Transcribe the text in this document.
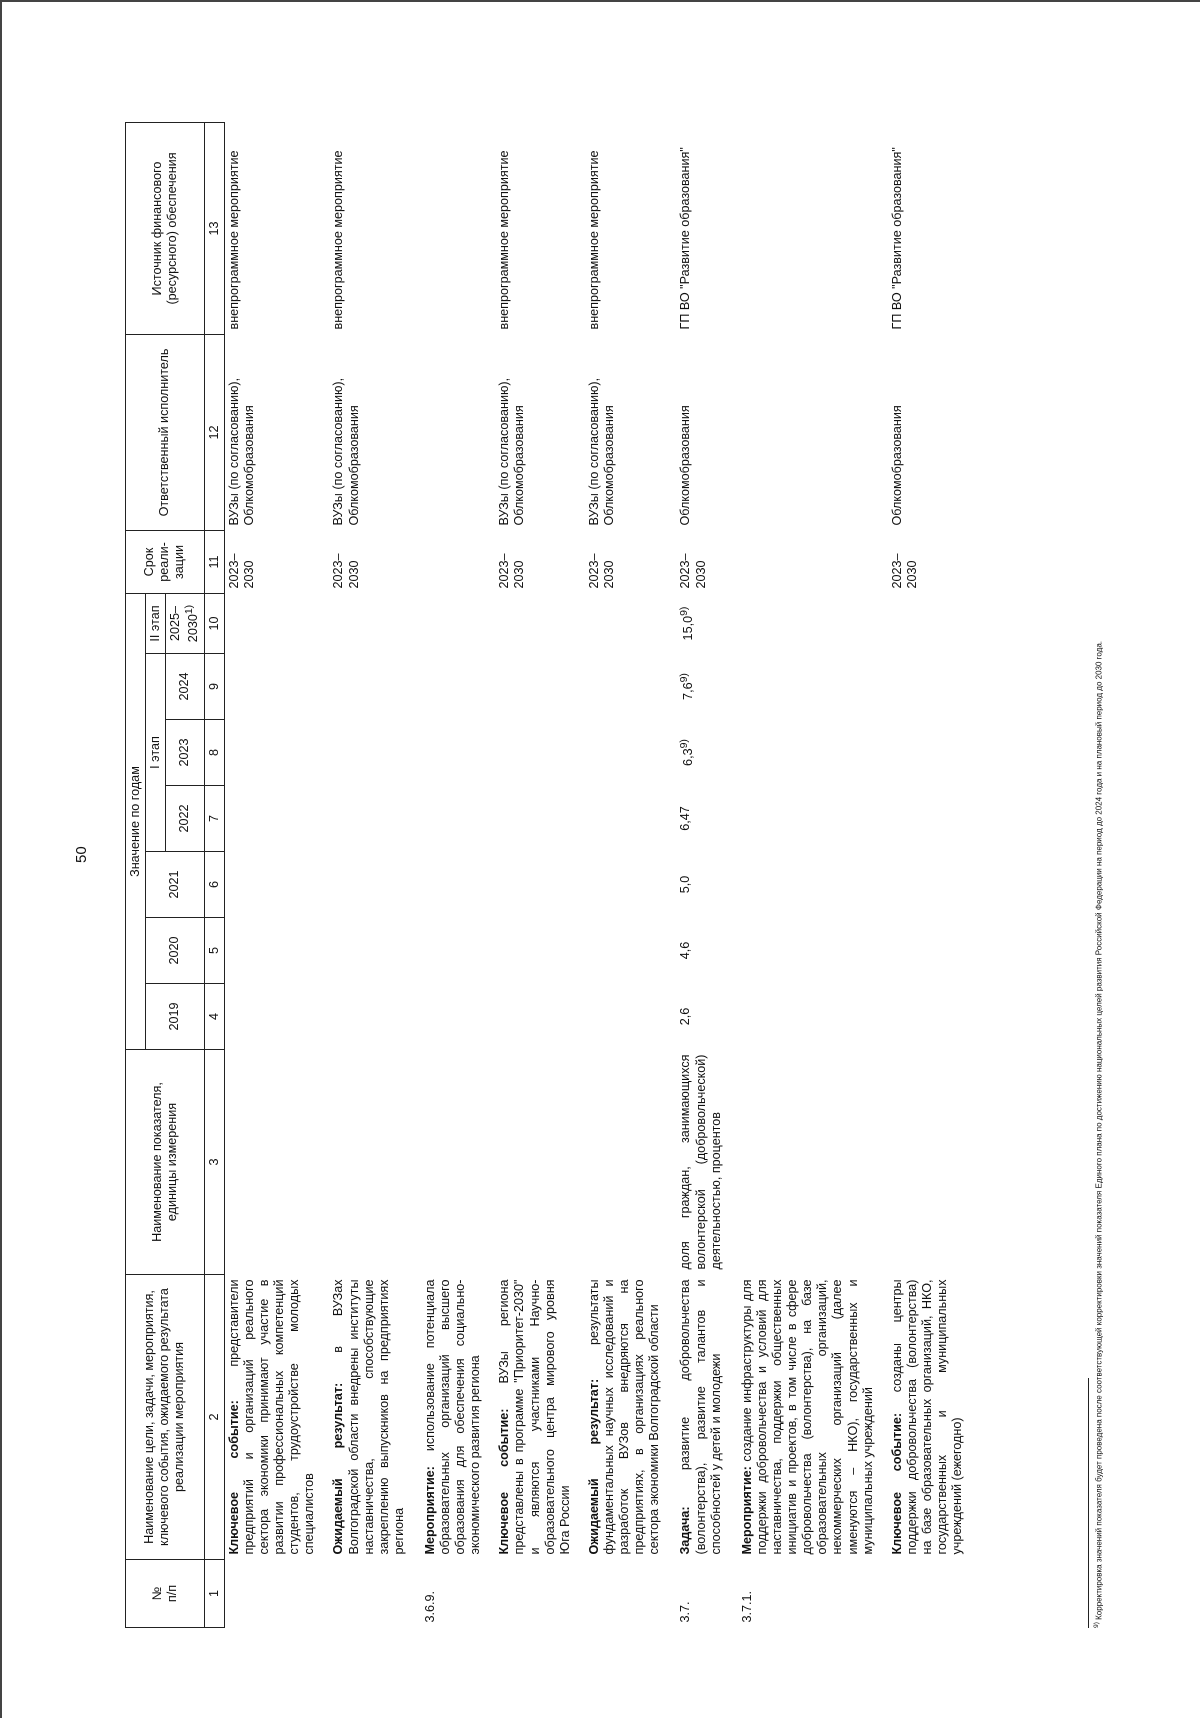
50
№
п/п	Наименование цели, задачи, мероприятия, ключевого события, ожидаемого результата реализации мероприятия	Наименование показателя, единицы измерения	Значение по годам							Срок реали-зации	Ответственный исполнитель	Источник финансового (ресурсного) обеспечения
			2019	2020	2021	I этап			II этап			
						2022	2023	2024	2025–2030$^{1)}$
1	2	3	4	5	6	7	8	9	10	11	12	13
	Ключевое событие: представители предприятий и организаций реального сектора экономики принимают участие в развитии профессиональных компетенций студентов, трудоустройстве молодых специалистов									2023–2030	ВУЗы (по согласованию), Облкомобразования	внепрограммное мероприятие
	Ожидаемый результат: в ВУЗах Волгоградской области внедрены институты наставничества, способствующие закреплению выпускников на предприятиях региона									2023–2030	ВУЗы (по согласованию), Облкомобразования	внепрограммное мероприятие
3.6.9.	Мероприятие: использование потенциала образовательных организаций высшего образования для обеспечения социально-экономического развития региона											
	Ключевое событие: ВУЗы региона представлены в программе "Приоритет-2030" и являются участниками Научно-образовательного центра мирового уровня Юга России									2023–2030	ВУЗы (по согласованию), Облкомобразования	внепрограммное мероприятие
	Ожидаемый результат: результаты фундаментальных научных исследований и разработок ВУЗов внедряются на предприятиях, в организациях реального сектора экономики Волгоградской области									2023–2030	ВУЗы (по согласованию), Облкомобразования	внепрограммное мероприятие
3.7.	Задача: развитие добровольчества (волонтерства), развитие талантов и способностей у детей и молодежи	доля граждан, занимающихся волонтерской (добровольческой) деятельностью, процентов	2,6	4,6	5,0	6,47	6,3$^{9)}$	7,6$^{9)}$	15,0$^{9)}$	2023–2030	Облкомобразования	ГП ВО "Развитие образования"
3.7.1.	Мероприятие: создание инфраструктуры для поддержки добровольчества и условий для наставничества, поддержки общественных инициатив и проектов, в том числе в сфере добровольчества (волонтерства), на базе образовательных организаций, некоммерческих организаций (далее именуются – НКО), государственных и муниципальных учреждений											
	Ключевое событие: созданы центры поддержки добровольчества (волонтерства) на базе образовательных организаций, НКО, государственных и муниципальных учреждений (ежегодно)									2023–2030	Облкомобразования	ГП ВО "Развитие образования"
$^{9)}$ Корректировка значений показателя будет проведена после соответствующей корректировки значений показателя Единого плана по достижению национальных целей развития Российской Федерации на период до 2024 года и на плановый период до 2030 года.
